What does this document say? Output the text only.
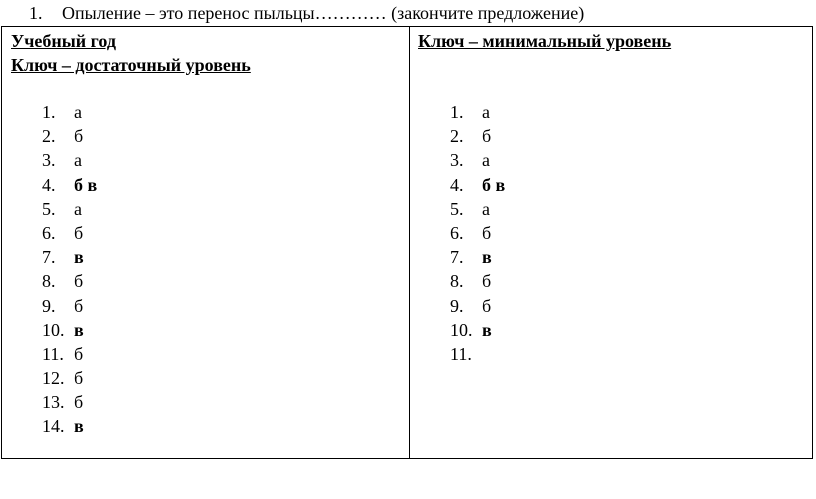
1. Опыление – это перенос пыльцы………… (закончите предложение)
Учебный год
Ключ – достаточный уровень
1. а
2. б
3. а
4. б в
5. а
6. б
7. в
8. б
9. б
10. в
11. б
12. б
13. б
14. в
Ключ – минимальный уровень
1. а
2. б
3. а
4. б в
5. а
6. б
7. в
8. б
9. б
10. в
11.
